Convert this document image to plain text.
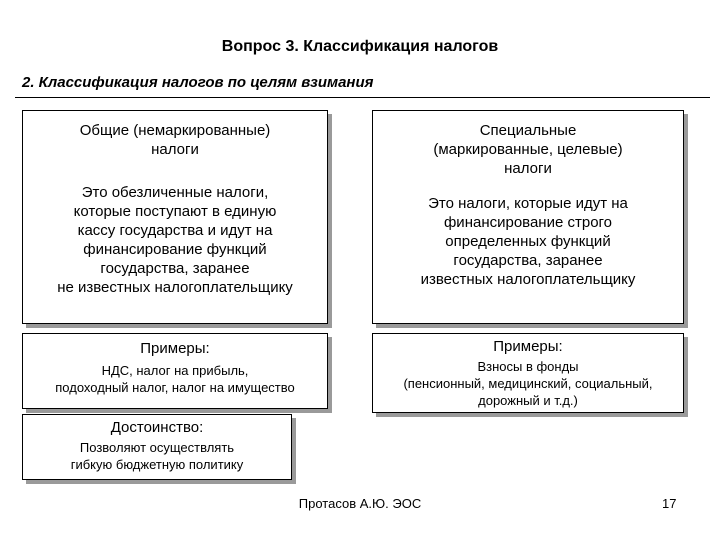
Вопрос 3. Классификация налогов
2. Классификация налогов по целям взимания
Общие (немаркированные)
налоги
Это обезличенные налоги,
которые поступают в единую
кассу государства и идут на
финансирование функций
государства, заранее
не известных налогоплательщику
Специальные
(маркированные, целевые)
налоги
Это налоги, которые идут на
финансирование строго
определенных функций
государства, заранее
известных налогоплательщику
Примеры:
НДС, налог на прибыль,
подоходный налог, налог на имущество
Примеры:
Взносы в фонды
(пенсионный, медицинский, социальный,
дорожный и т.д.)
Достоинство:
Позволяют осуществлять
гибкую бюджетную политику
Протасов А.Ю. ЭОС	17
